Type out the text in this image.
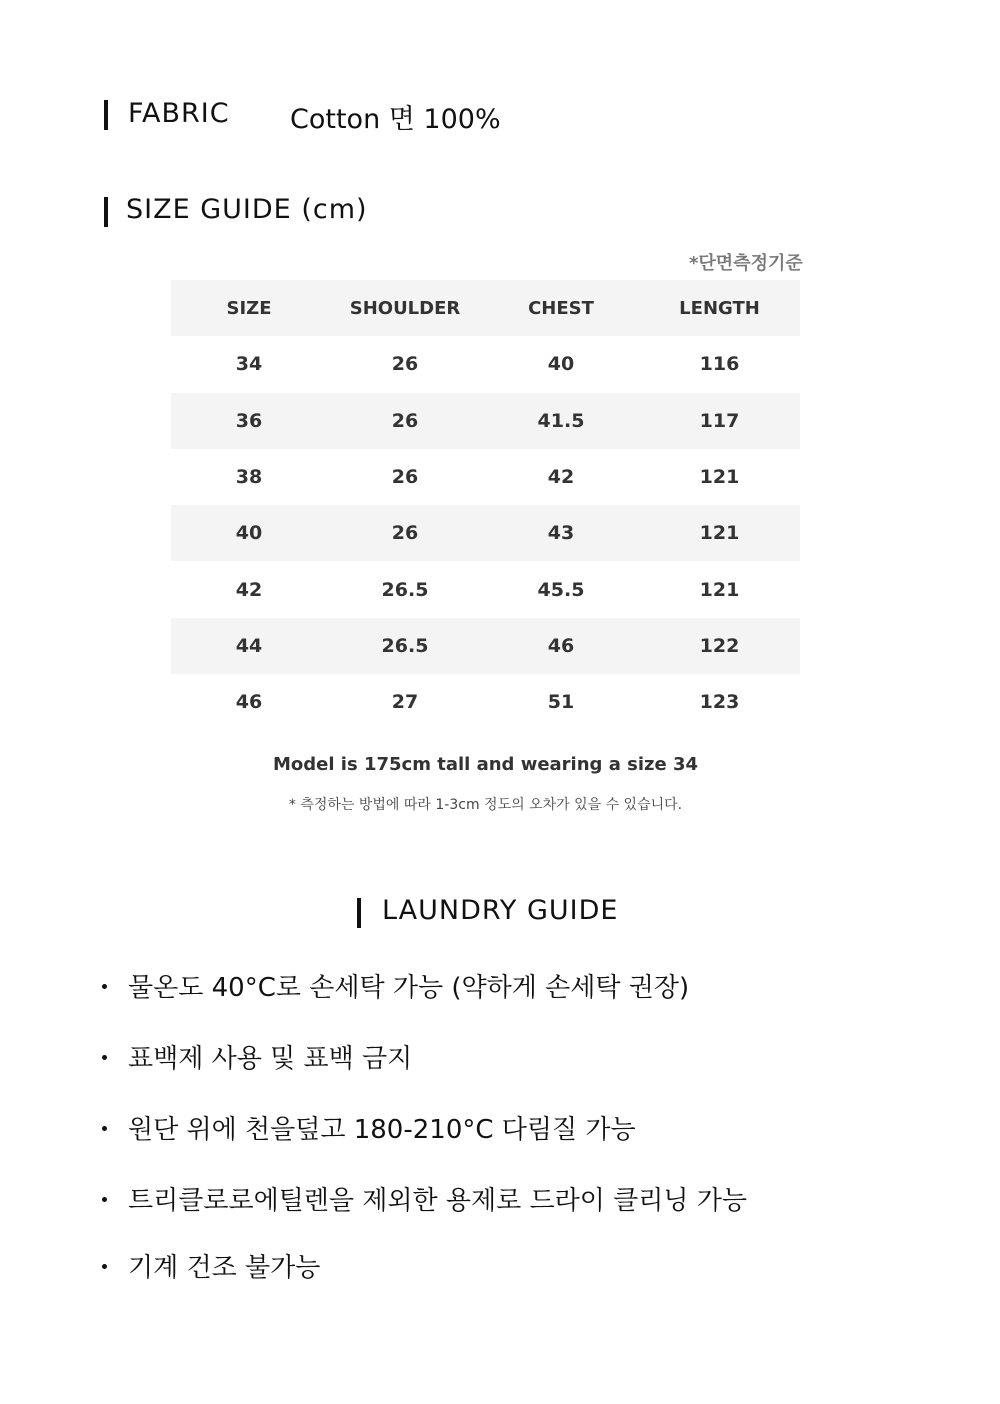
FABRIC Cotton 면 100%
SIZE GUIDE (cm)
*단면측정기준
SIZE	SHOULDER	CHEST	LENGTH
34	26	40	116
36	26	41.5	117
38	26	42	121
40	26	43	121
42	26.5	45.5	121
44	26.5	46	122
46	27	51	123
Model is 175cm tall and wearing a size 34
* 측정하는 방법에 따라 1-3cm 정도의 오차가 있을 수 있습니다.
LAUNDRY GUIDE
물온도 40°C로 손세탁 가능 (약하게 손세탁 권장)
표백제 사용 및 표백 금지
원단 위에 천을덮고 180-210°C 다림질 가능
트리클로로에틸렌을 제외한 용제로 드라이 클리닝 가능
기계 건조 불가능
